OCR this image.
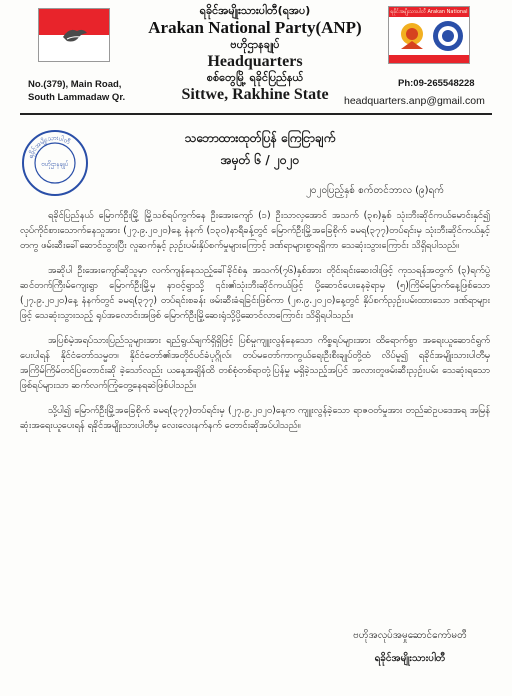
ရခိုင်အမျိုးသားပါတီ(ရအပ)
Arakan National Party(ANP)
ဗဟိုဌာနချုပ်
Headquarters
စစ်တွေမြို့ ရခိုင်ပြည်နယ်
Sittwe, Rakhine State
ရခိုင်အမျိုးသားပါတီ Arakan National
No.(379), Main Road,
South Lammadaw Qr.
Ph:09-265548228
headquarters.anp@gmail.com
ရခိုင်အမျိုးသားပါတီ
ဗဟိုဌာနချုပ်
သဘောထားထုတ်ပြန် ကြေငြာချက်
အမှတ် ၆ / ၂၀၂၀
၂၀၂၀ပြည့်နှစ် စက်တင်ဘာလ (၉)ရက်

ရခိုင်ပြည်နယ် မြောက်ဦးမြို့ မြို့သစ်ရပ်ကွက်နေ ဦးအေးကျော် (၁) ဦးသာလှအောင် အသက် (၃၈)နှစ် သုံးဘီးဆိုင်ကယ်မောင်းနှင်၍ လုပ်ကိုင်စားသောက်နေသူအား (၂၇.၉.၂၀၂၀)နေ့ နံနက် (၁၃၀)နာရီခန့်တွင် မြောက်ဦးမြို့အခြေစိုက် ခမရ(၃၇၇)တပ်ရင်းမှ သုံးဘီးဆိုင်ကယ်နှင့်တကွ ဖမ်းဆီးခေါ်ဆောင်သွားပြီး လူဆက်နှင့် ညှဉ်းပမ်းနှိပ်စက်မှုများကြောင့် ဒဏ်ရာများစွာရရှိကာ သေဆုံးသွားကြောင်း သိရှိရပါသည်။

အဆိုပါ ဦးအေးကျော်ဆိုသူမှာ လက်ကျန်နေသည့်ခေါ်ခိုင်စံနှ အသက်(၇၆)နှစ်အား တိုင်းရင်းဆေးဝါးဖြင့် ကုသရန်အတွက် (၃)ရက်ပွဲဆင်တက်ကြီးမ်ကျေးရွာ မြောက်ဦးမြို့မှ နာဝင့်ရွာသို့ ၎င်း၏သုံးဘီးဆိုင်ကယ်ဖြင့် ပို့ဆောင်ပေးနေခဲ့ရာမှ (၅)ကြိမ်မြောက်နေ့ဖြစ်သော (၂၇.၉.၂၀၂၀)နေ့ နံနက်တွင် ခမရ(၃၇၇) တပ်ရင်းစခန်း ဖမ်းဆီးခံရခြင်းဖြစ်ကာ (၂၈.၉.၂၀၂၀)နေ့တွင် နှိပ်စက်ညှဉ်းပမ်းထားသော ဒဏ်ရာများဖြင့် သေဆုံးသွားသည့် ရုပ်အလောင်းအဖြစ် မြောက်ဦးမြို့ဆေးရုံသို့ပို့ဆောင်လာကြောင်း သိရှိရပါသည်။

အပြစ်မဲ့အရပ်သားပြည်သူများအား ရည်ရွယ်ချက်ရှိရှိဖြင့် ပြစ်မှုကျူးလွန်နေသော ကိစ္စရပ်များအား ထိရောက်စွာ အရေးယူဆောင်ရွက်ပေးပါရန် နိုင်ငံတော်သမ္မတ၊ နိုင်ငံတော်၏အတိုင်ပင်ခံပုဂ္ဂိုလ်၊ တပ်မတော်ကာကွယ်ရေးဦးစီးချုပ်တို့ထံ လိပ်မူ၍ ရခိုင်အမျိုးသားပါတီမှ အကြိမ်ကြိမ်တင်ပြတောင်းဆို ခဲ့သော်လည်း ယနေ့အချိန်ထိ တစ်စုံတစ်ရာတုံ့ပြန်မှု မရှိခဲ့သည့်အပြင် အလားတူဖမ်းဆီးညှဉ်းပမ်း သေဆုံးရသောဖြစ်ရပ်များသာ ဆက်လက်ကြုံတွေ့နေရဆဲဖြစ်ပါသည်။

သို့ပါ၍ မြောက်ဦးမြို့အခြေစိုက် ခမရ(၃၇၇)တပ်ရင်းမှ (၂၇.၉.၂၀၂၀)နေ့က ကျူးလွန်ခဲ့သော ရာဇဝတ်မှုအား တည်ဆဲဥပဒေအရ အမြန်ဆုံးအရေးယူပေးရန် ရခိုင်အမျိုးသားပါတီမှ လေးလေးနက်နက် တောင်းဆိုအပ်ပါသည်။

ဗဟိုအလုပ်အမှုဆောင်ကော်မတီ
ရခိုင်အမျိုးသားပါတီ
